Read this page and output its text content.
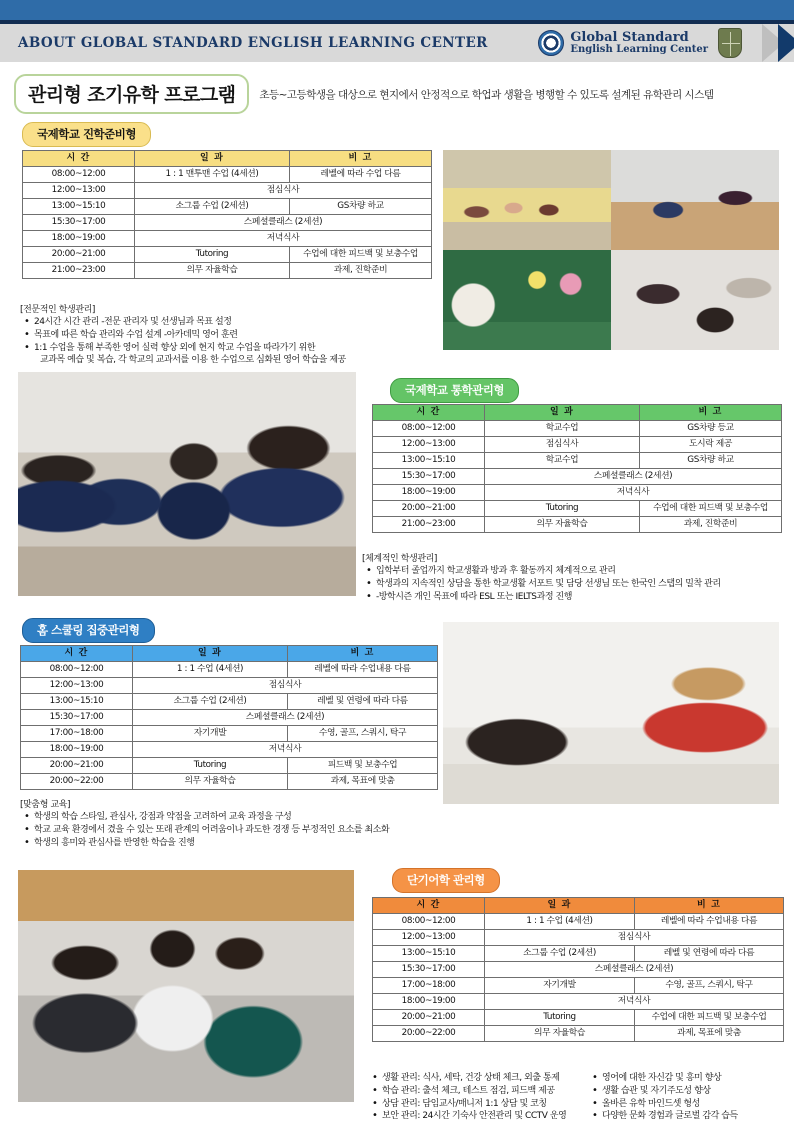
ABOUT GLOBAL STANDARD ENGLISH LEARNING CENTER	Global Standard
English Learning Center
관리형 조기유학 프로그램	초등~고등학생을 대상으로 현지에서 안정적으로 학업과 생활을 병행할 수 있도록 설계된 유학관리 시스템
국제학교 진학준비형
시 간	일 과	비 고
08:00~12:00	1 : 1 맨투맨 수업 (4세션)	레벨에 따라 수업 다름
12:00~13:00	점심식사	
13:00~15:10	소그룹 수업 (2세션)	GS차량 하교
15:30~17:00	스페셜클래스 (2세션)	
18:00~19:00	저녁식사	
20:00~21:00	Tutoring	수업에 대한 피드백 및 보충수업
21:00~23:00	의무 자율학습	과제, 진학준비
[전문적인 학생관리]
• 24시간 시간 관리 -전문 관리자 및 선생님과 목표 설정
• 목표에 따른 학습 관리와 수업 설계 -아카데믹 영어 훈련
• 1:1 수업을 통해 부족한 영어 실력 향상 외에 현지 학교 수업을 따라가기 위한
교과목 예습 및 복습, 각 학교의 교과서를 이용 한 수업으로 심화된 영어 학습을 제공
국제학교 통학관리형
시 간	일 과	비 고
08:00~12:00	학교수업	GS차량 등교
12:00~13:00	점심식사	도시락 제공
13:00~15:10	학교수업	GS차량 하교
15:30~17:00	스페셜클래스 (2세션)	
18:00~19:00	저녁식사	
20:00~21:00	Tutoring	수업에 대한 피드백 및 보충수업
21:00~23:00	의무 자율학습	과제, 진학준비
[체계적인 학생관리]
• 입학부터 졸업까지 학교생활과 방과 후 활동까지 체계적으로 관리
• 학생과의 지속적인 상담을 통한 학교생활 서포트 및 담당 선생님 또는 한국인 스탭의 밀착 관리
• -방학시즌 개인 목표에 따라 ESL 또는 IELTS과정 진행
홈 스쿨링 집중관리형
시 간	일 과	비 고
08:00~12:00	1 : 1 수업 (4세션)	레벨에 따라 수업내용 다름
12:00~13:00	점심식사	
13:00~15:10	소그룹 수업 (2세션)	레벨 및 연령에 따라 다름
15:30~17:00	스페셜클래스 (2세션)	
17:00~18:00	자기개발	수영, 골프, 스쿼시, 탁구
18:00~19:00	저녁식사	
20:00~21:00	Tutoring	피드백 및 보충수업
20:00~22:00	의무 자율학습	과제, 목표에 맞춤
[맞춤형 교육]
• 학생의 학습 스타일, 관심사, 강점과 약점을 고려하여 교육 과정을 구성
• 학교 교육 환경에서 겼을 수 있는 또래 관계의 어려움이나 과도한 경쟁 등 부정적인 요소를 최소화
• 학생의 흥미와 관심사를 반영한 학습을 진행
단기어학 관리형
시 간	일 과	비 고
08:00~12:00	1 : 1 수업 (4세션)	레벨에 따라 수업내용 다름
12:00~13:00	점심식사	
13:00~15:10	소그룹 수업 (2세션)	레벨 및 연령에 따라 다름
15:30~17:00	스페셜클래스 (2세션)	
17:00~18:00	자기개발	수영, 골프, 스쿼시, 탁구
18:00~19:00	저녁식사	
20:00~21:00	Tutoring	수업에 대한 피드백 및 보충수업
20:00~22:00	의무 자율학습	과제, 목표에 맞춤
• 생활 관리: 식사, 세탁, 건강 상태 체크, 외출 통제
• 학습 관리: 출석 체크, 테스트 점검, 피드백 제공
• 상담 관리: 담임교사/매니저 1:1 상담 및 코칭
• 보안 관리: 24시간 기숙사 안전관리 및 CCTV 운영
• 영어에 대한 자신감 및 흥미 향상
• 생활 습관 및 자기주도성 향상
• 올바른 유학 마인드셋 형성
• 다양한 문화 경험과 글로벌 감각 습득
